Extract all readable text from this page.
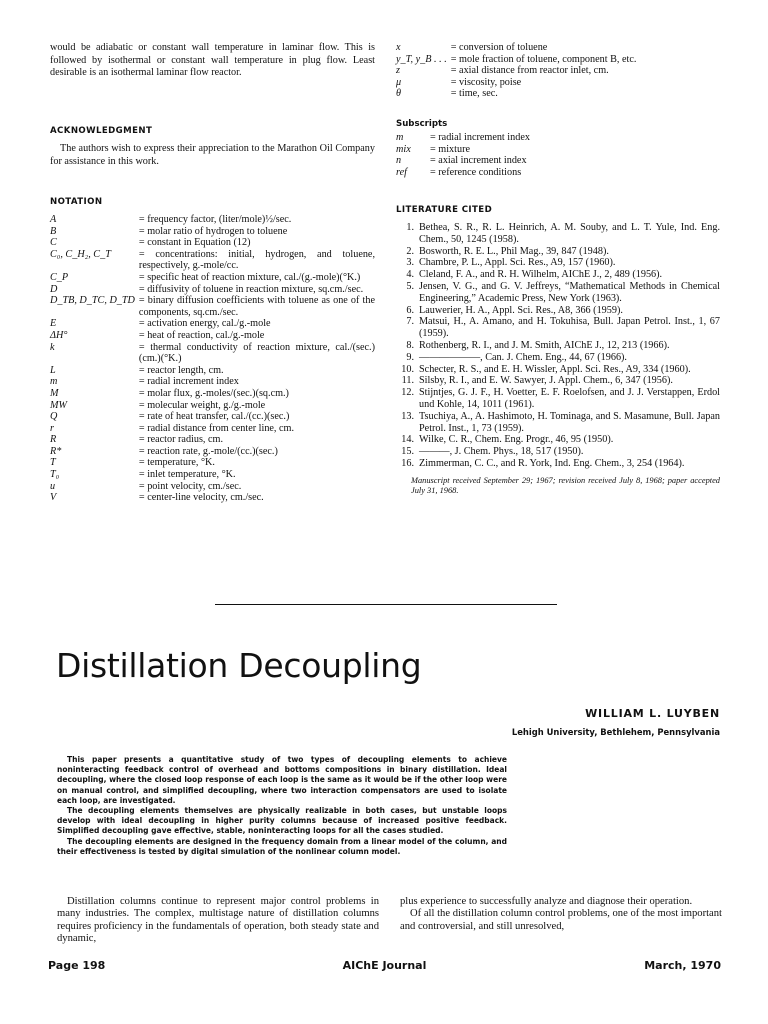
would be adiabatic or constant wall temperature in laminar flow. This is followed by isothermal or constant wall temperature in plug flow. Least desirable is an isothermal laminar flow reactor.

ACKNOWLEDGMENT

The authors wish to express their appreciation to the Marathon Oil Company for assistance in this work.

NOTATION
A	= frequency factor, (liter/mole)½/sec.
B	= molar ratio of hydrogen to toluene
C	= constant in Equation (12)
C₀, C_H₂, C_T	= concentrations: initial, hydrogen, and toluene, respectively, g.-mole/cc.
C_P	= specific heat of reaction mixture, cal./(g.-mole)(°K.)
D	= diffusivity of toluene in reaction mixture, sq.cm./sec.
D_TB, D_TC, D_TD	= binary diffusion coefficients with toluene as one of the components, sq.cm./sec.
E	= activation energy, cal./g.-mole
ΔH°	= heat of reaction, cal./g.-mole
k	= thermal conductivity of reaction mixture, cal./(sec.)(cm.)(°K.)
L	= reactor length, cm.
m	= radial increment index
M	= molar flux, g.-moles/(sec.)(sq.cm.)
MW	= molecular weight, g./g.-mole
Q	= rate of heat transfer, cal./(cc.)(sec.)
r	= radial distance from center line, cm.
R	= reactor radius, cm.
R*	= reaction rate, g.-mole/(cc.)(sec.)
T	= temperature, °K.
T₀	= inlet temperature, °K.
u	= point velocity, cm./sec.
V	= center-line velocity, cm./sec.
x	= conversion of toluene
y_T, y_B . . .	= mole fraction of toluene, component B, etc.
z	= axial distance from reactor inlet, cm.
μ	= viscosity, poise
θ	= time, sec.
Subscripts
m	= radial increment index
mix	= mixture
n	= axial increment index
ref	= reference conditions
LITERATURE CITED
1. Bethea, S. R., R. L. Heinrich, A. M. Souby, and L. T. Yule, Ind. Eng. Chem., 50, 1245 (1958).
2. Bosworth, R. E. L., Phil Mag., 39, 847 (1948).
3. Chambre, P. L., Appl. Sci. Res., A9, 157 (1960).
4. Cleland, F. A., and R. H. Wilhelm, AIChE J., 2, 489 (1956).
5. Jensen, V. G., and G. V. Jeffreys, “Mathematical Methods in Chemical Engineering,” Academic Press, New York (1963).
6. Lauwerier, H. A., Appl. Sci. Res., A8, 366 (1959).
7. Matsui, H., A. Amano, and H. Tokuhisa, Bull. Japan Petrol. Inst., 1, 67 (1959).
8. Rothenberg, R. I., and J. M. Smith, AIChE J., 12, 213 (1966).
9. ——————, Can. J. Chem. Eng., 44, 67 (1966).
10. Schecter, R. S., and E. H. Wissler, Appl. Sci. Res., A9, 334 (1960).
11. Silsby, R. I., and E. W. Sawyer, J. Appl. Chem., 6, 347 (1956).
12. Stijntjes, G. J. F., H. Voetter, E. F. Roelofsen, and J. J. Verstappen, Erdol und Kohle, 14, 1011 (1961).
13. Tsuchiya, A., A. Hashimoto, H. Tominaga, and S. Masamune, Bull. Japan Petrol. Inst., 1, 73 (1959).
14. Wilke, C. R., Chem. Eng. Progr., 46, 95 (1950).
15. ———, J. Chem. Phys., 18, 517 (1950).
16. Zimmerman, C. C., and R. York, Ind. Eng. Chem., 3, 254 (1964).

Manuscript received September 29; 1967; revision received July 8, 1968; paper accepted July 31, 1968.

Distillation Decoupling
WILLIAM L. LUYBEN
Lehigh University, Bethlehem, Pennsylvania

This paper presents a quantitative study of two types of decoupling elements to achieve noninteracting feedback control of overhead and bottoms compositions in binary distillation. Ideal decoupling, where the closed loop response of each loop is the same as it would be if the other loop were on manual control, and simplified decoupling, where two interaction compensators are used to isolate each loop, are investigated.

The decoupling elements themselves are physically realizable in both cases, but unstable loops develop with ideal decoupling in higher purity columns because of increased positive feedback. Simplified decoupling gave effective, stable, noninteracting loops for all the cases studied.

The decoupling elements are designed in the frequency domain from a linear model of the column, and their effectiveness is tested by digital simulation of the nonlinear column model.

Distillation columns continue to represent major control problems in many industries. The complex, multistage nature of distillation columns requires proficiency in the fundamentals of operation, both steady state and dynamic,

plus experience to successfully analyze and diagnose their operation.

Of all the distillation column control problems, one of the most important and controversial, and still unresolved,

Page 198	AIChE Journal	March, 1970
